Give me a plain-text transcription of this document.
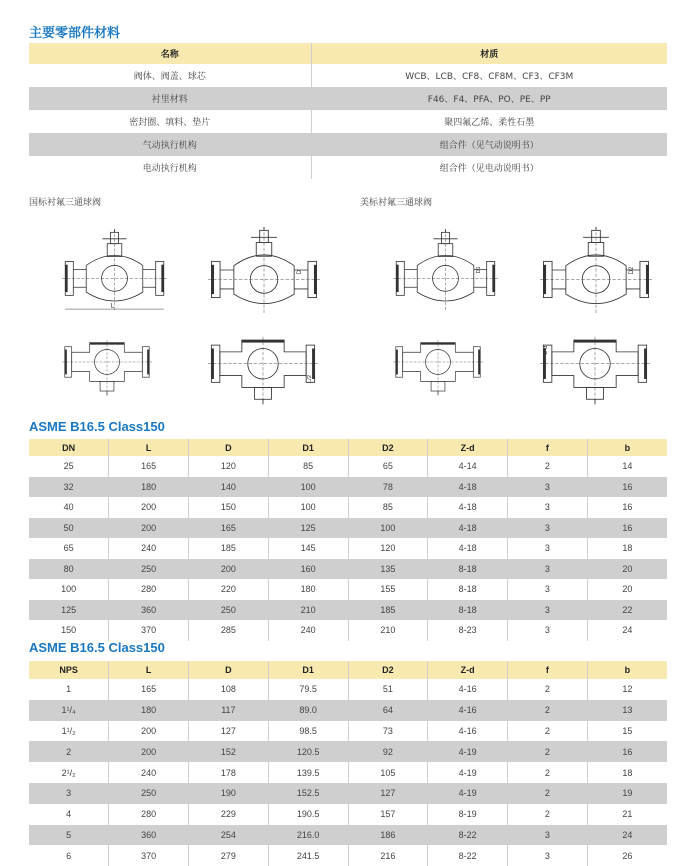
主要零部件材料
名称	材质
阀体、阀盖、球芯	WCB、LCB、CF8、CF8M、CF3、CF3M
衬里材料	F46、F4、PFA、PO、PE、PP
密封圈、填料、垫片	聚四氟乙烯、柔性石墨
气动执行机构	组合件（见气动说明书）
电动执行机构	组合件（见电动说明书）
国标衬氟三通球阀	美标衬氟三通球阀
L
D	D1	D2
L/2
Z-d
ASME B16.5 Class150
DN	L	D	D1	D2	Z-d	f	b
25	165	120	85	65	4-14	2	14
32	180	140	100	78	4-18	3	16
40	200	150	100	85	4-18	3	16
50	200	165	125	100	4-18	3	16
65	240	185	145	120	4-18	3	18
80	250	200	160	135	8-18	3	20
100	280	220	180	155	8-18	3	20
125	360	250	210	185	8-18	3	22
150	370	285	240	210	8-23	3	24
ASME B16.5 Class150
NPS	L	D	D1	D2	Z-d	f	b
1	165	108	79.5	51	4-16	2	12
1¹/₄	180	117	89.0	64	4-16	2	13
1¹/₂	200	127	98.5	73	4-16	2	15
2	200	152	120.5	92	4-19	2	16
2¹/₂	240	178	139.5	105	4-19	2	18
3	250	190	152.5	127	4-19	2	19
4	280	229	190.5	157	8-19	2	21
5	360	254	216.0	186	8-22	3	24
6	370	279	241.5	216	8-22	3	26
